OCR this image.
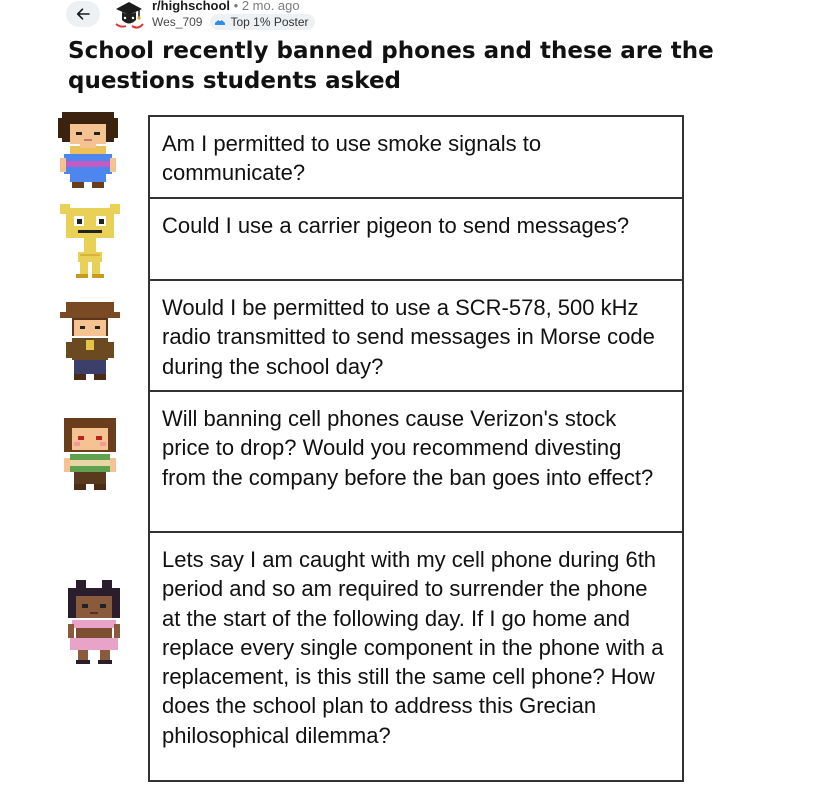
r/highschool • 2 mo. ago
Wes_709 Top 1% Poster
School recently banned phones and these are the questions students asked
Am I permitted to use smoke signals to communicate?
Could I use a carrier pigeon to send messages?
Would I be permitted to use a SCR-578, 500 kHz radio transmitted to send messages in Morse code during the school day?
Will banning cell phones cause Verizon's stock price to drop? Would you recommend divesting from the company before the ban goes into effect?
Lets say I am caught with my cell phone during 6th period and so am required to surrender the phone at the start of the following day. If I go home and replace every single component in the phone with a replacement, is this still the same cell phone? How does the school plan to address this Grecian philosophical dilemma?
